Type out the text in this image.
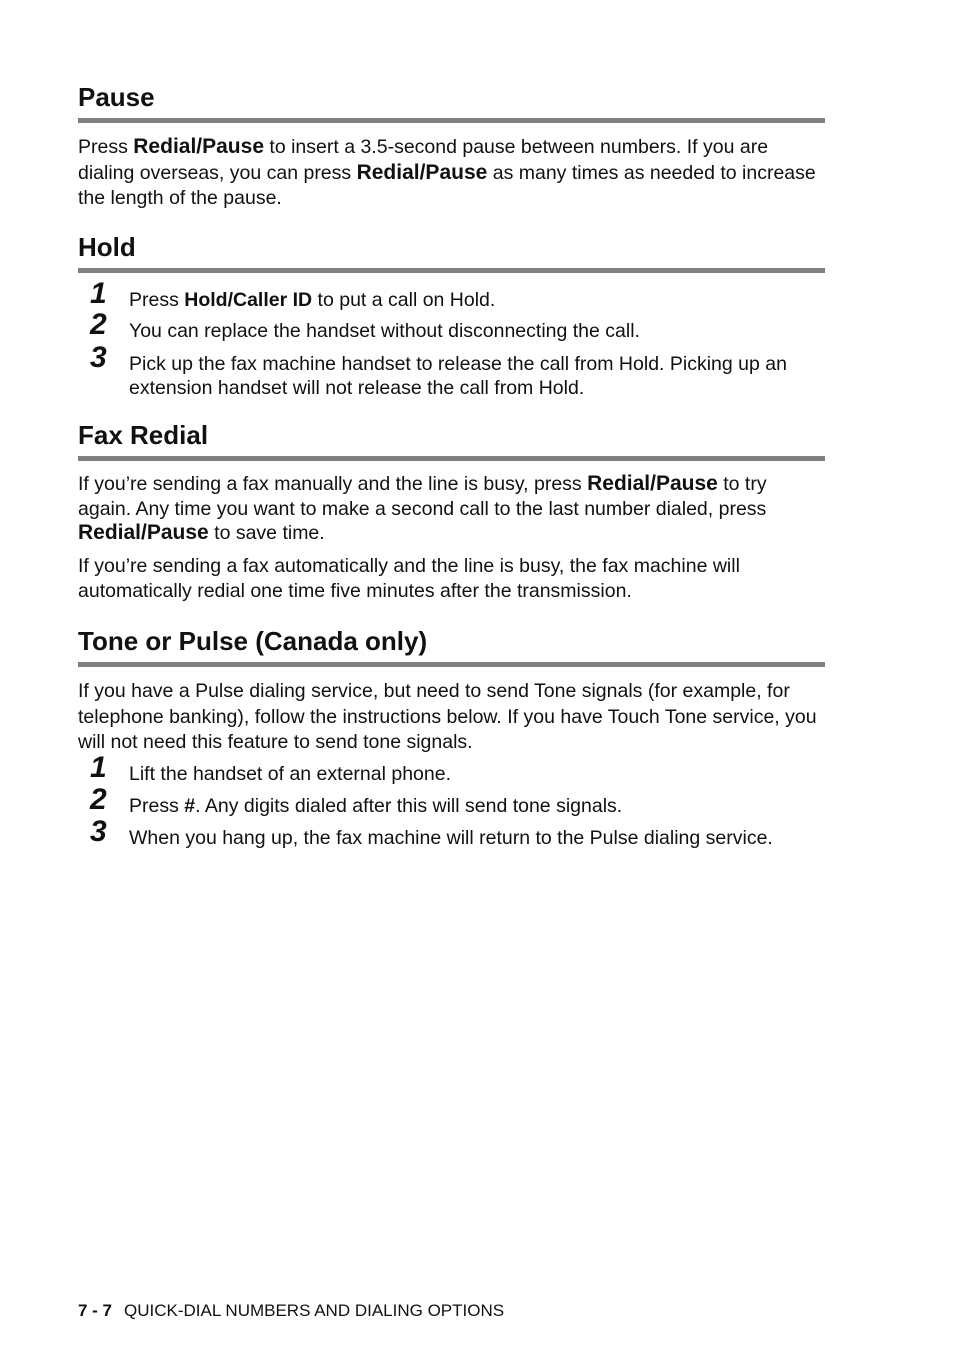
Pause

Press Redial/Pause to insert a 3.5-second pause between numbers. If you are dialing overseas, you can press Redial/Pause as many times as needed to increase the length of the pause.

Hold
1 Press Hold/Caller ID to put a call on Hold.
2 You can replace the handset without disconnecting the call.
3 Pick up the fax machine handset to release the call from Hold. Picking up an extension handset will not release the call from Hold.
Fax Redial

If you’re sending a fax manually and the line is busy, press Redial/Pause to try again. Any time you want to make a second call to the last number dialed, press Redial/Pause to save time.

If you’re sending a fax automatically and the line is busy, the fax machine will automatically redial one time five minutes after the transmission.

Tone or Pulse (Canada only)

If you have a Pulse dialing service, but need to send Tone signals (for example, for telephone banking), follow the instructions below. If you have Touch Tone service, you will not need this feature to send tone signals.

1 Lift the handset of an external phone.
2 Press #. Any digits dialed after this will send tone signals.
3 When you hang up, the fax machine will return to the Pulse dialing service.
7 - 7 QUICK-DIAL NUMBERS AND DIALING OPTIONS
